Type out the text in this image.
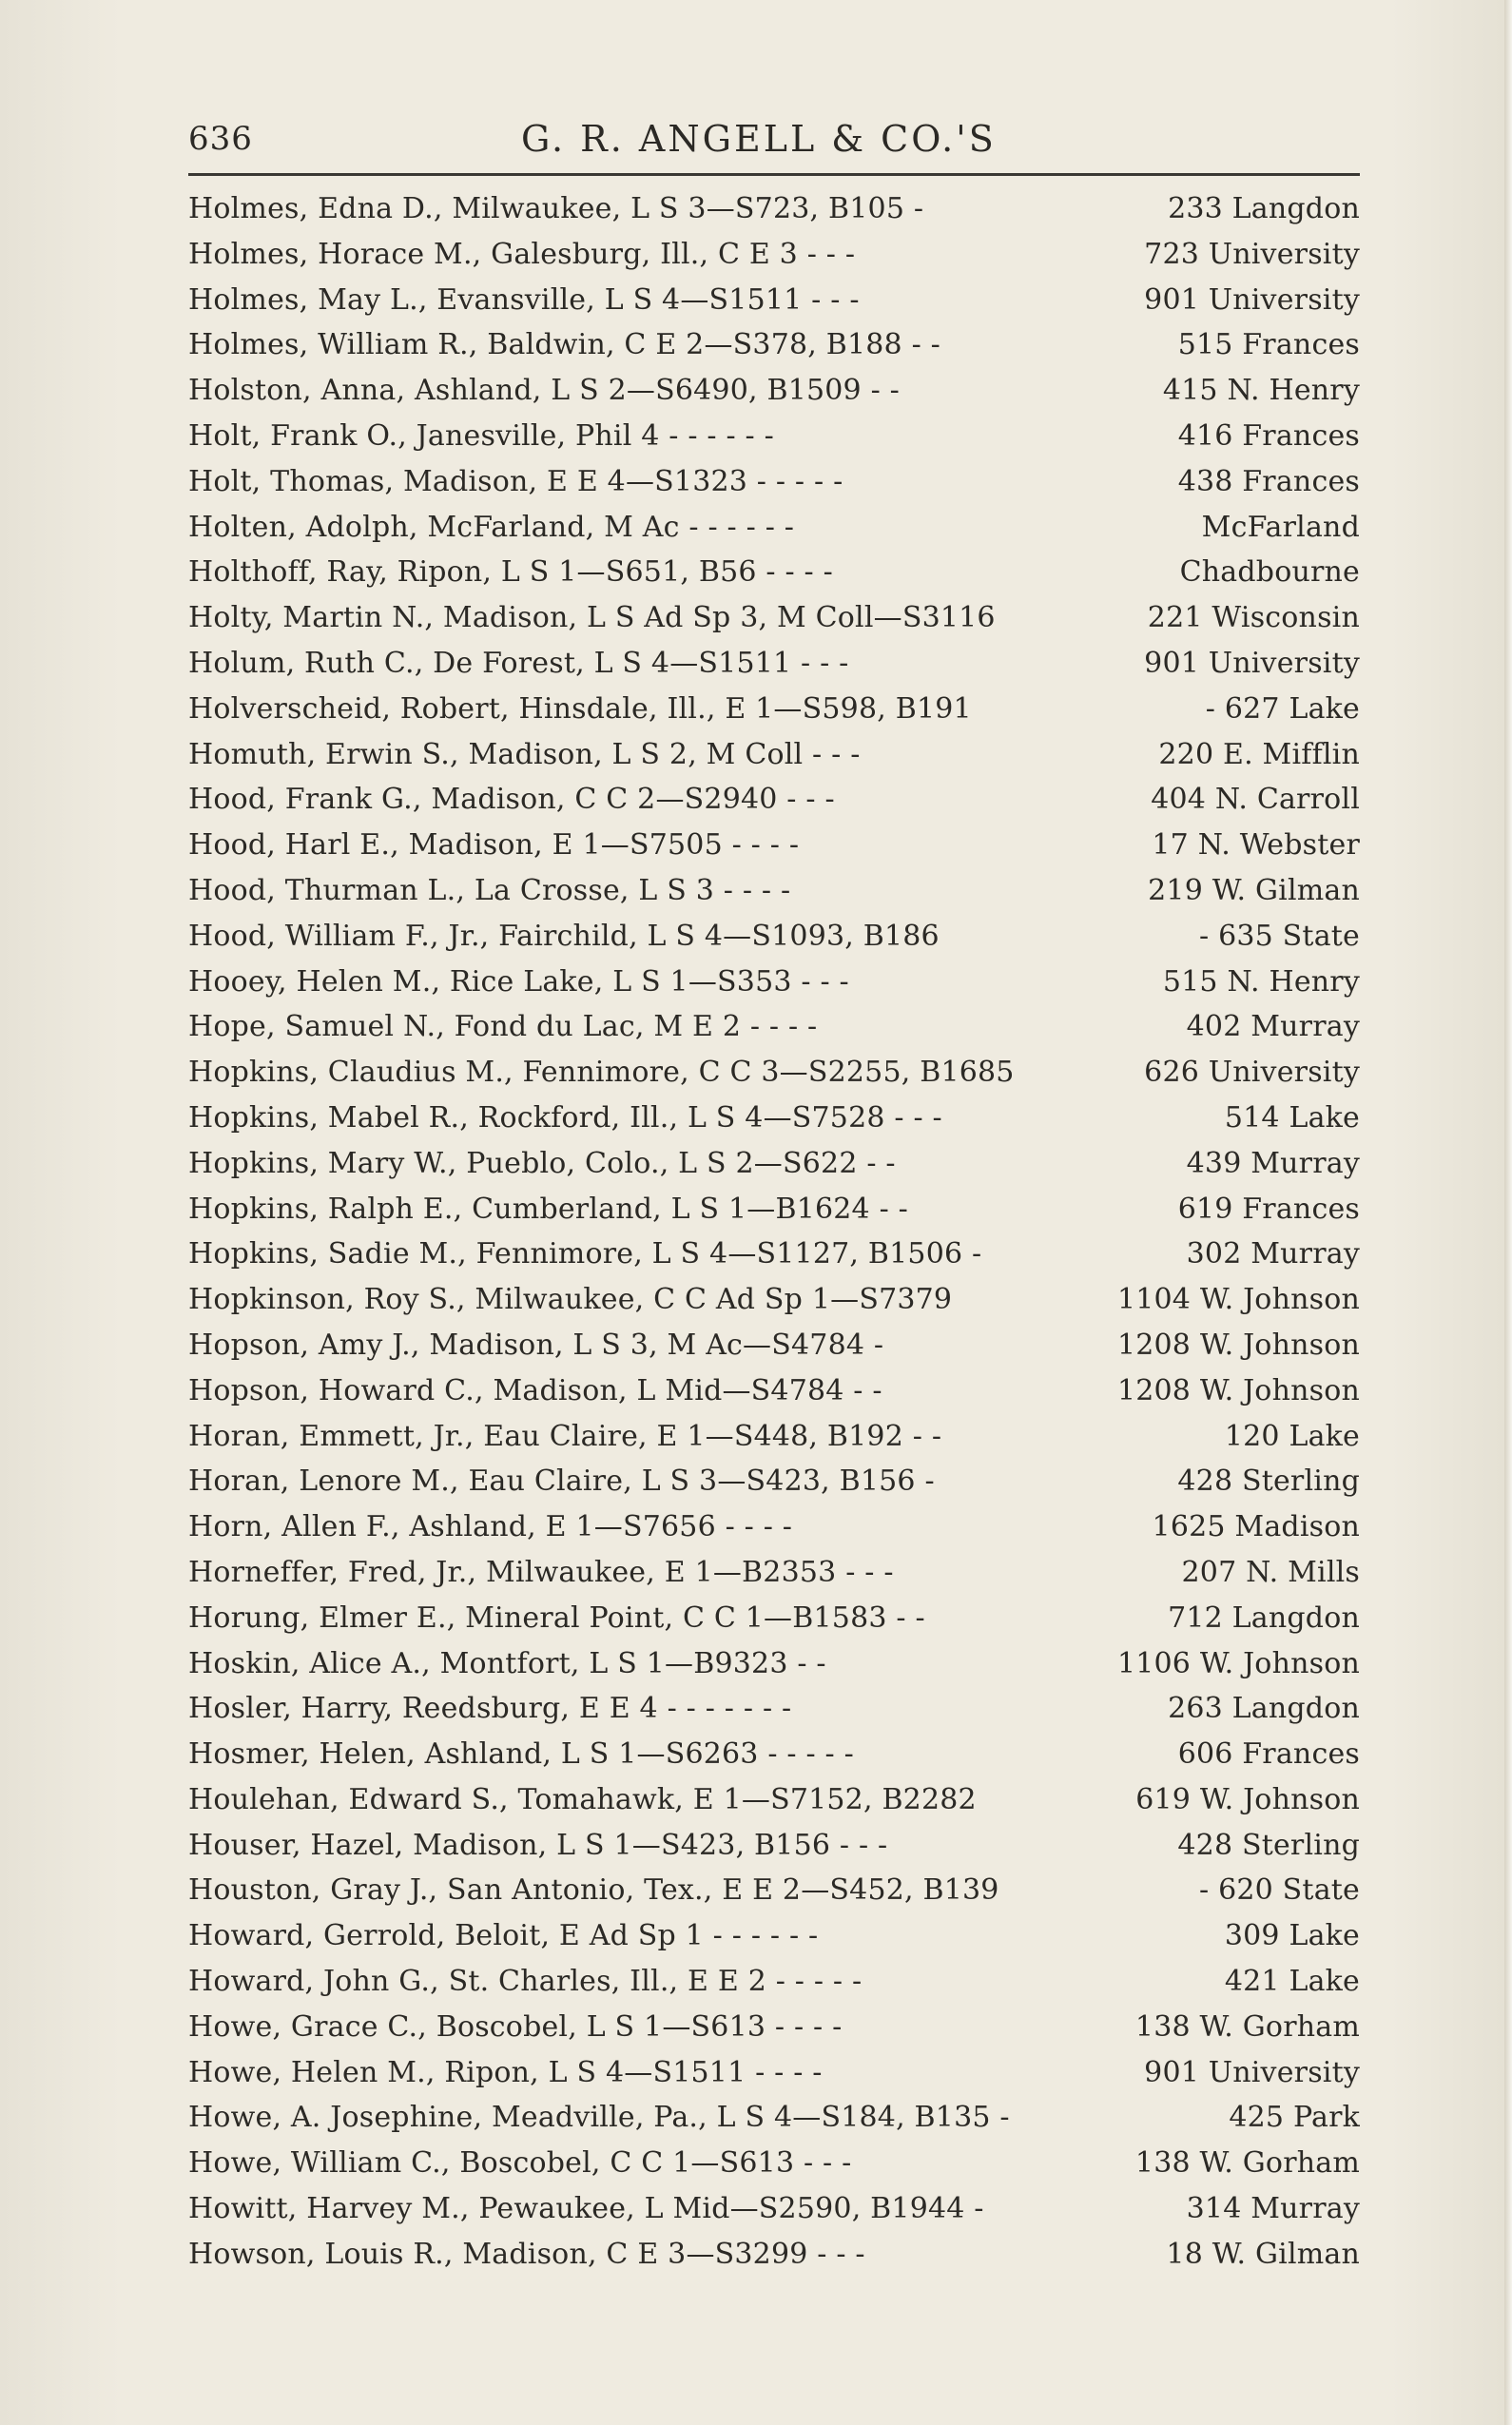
636	G. R. ANGELL & CO.'S
Holmes, Edna D., Milwaukee, L S 3—S723, B105 -	233 Langdon
Holmes, Horace M., Galesburg, Ill., C E 3 - - -	723 University
Holmes, May L., Evansville, L S 4—S1511 - - -	901 University
Holmes, William R., Baldwin, C E 2—S378, B188 - -	515 Frances
Holston, Anna, Ashland, L S 2—S6490, B1509 - -	415 N. Henry
Holt, Frank O., Janesville, Phil 4 - - - - - -	416 Frances
Holt, Thomas, Madison, E E 4—S1323 - - - - -	438 Frances
Holten, Adolph, McFarland, M Ac - - - - - -	McFarland
Holthoff, Ray, Ripon, L S 1—S651, B56 - - - -	Chadbourne
Holty, Martin N., Madison, L S Ad Sp 3, M Coll—S3116	221 Wisconsin
Holum, Ruth C., De Forest, L S 4—S1511 - - -	901 University
Holverscheid, Robert, Hinsdale, Ill., E 1—S598, B191	- 627 Lake
Homuth, Erwin S., Madison, L S 2, M Coll - - -	220 E. Mifflin
Hood, Frank G., Madison, C C 2—S2940 - - -	404 N. Carroll
Hood, Harl E., Madison, E 1—S7505 - - - -	17 N. Webster
Hood, Thurman L., La Crosse, L S 3 - - - -	219 W. Gilman
Hood, William F., Jr., Fairchild, L S 4—S1093, B186	- 635 State
Hooey, Helen M., Rice Lake, L S 1—S353 - - -	515 N. Henry
Hope, Samuel N., Fond du Lac, M E 2 - - - -	402 Murray
Hopkins, Claudius M., Fennimore, C C 3—S2255, B1685	626 University
Hopkins, Mabel R., Rockford, Ill., L S 4—S7528 - - -	514 Lake
Hopkins, Mary W., Pueblo, Colo., L S 2—S622 - -	439 Murray
Hopkins, Ralph E., Cumberland, L S 1—B1624 - -	619 Frances
Hopkins, Sadie M., Fennimore, L S 4—S1127, B1506 -	302 Murray
Hopkinson, Roy S., Milwaukee, C C Ad Sp 1—S7379	1104 W. Johnson
Hopson, Amy J., Madison, L S 3, M Ac—S4784 -	1208 W. Johnson
Hopson, Howard C., Madison, L Mid—S4784 - -	1208 W. Johnson
Horan, Emmett, Jr., Eau Claire, E 1—S448, B192 - -	120 Lake
Horan, Lenore M., Eau Claire, L S 3—S423, B156 -	428 Sterling
Horn, Allen F., Ashland, E 1—S7656 - - - -	1625 Madison
Horneffer, Fred, Jr., Milwaukee, E 1—B2353 - - -	207 N. Mills
Horung, Elmer E., Mineral Point, C C 1—B1583 - -	712 Langdon
Hoskin, Alice A., Montfort, L S 1—B9323 - -	1106 W. Johnson
Hosler, Harry, Reedsburg, E E 4 - - - - - - -	263 Langdon
Hosmer, Helen, Ashland, L S 1—S6263 - - - - -	606 Frances
Houlehan, Edward S., Tomahawk, E 1—S7152, B2282	619 W. Johnson
Houser, Hazel, Madison, L S 1—S423, B156 - - -	428 Sterling
Houston, Gray J., San Antonio, Tex., E E 2—S452, B139	- 620 State
Howard, Gerrold, Beloit, E Ad Sp 1 - - - - - -	309 Lake
Howard, John G., St. Charles, Ill., E E 2 - - - - -	421 Lake
Howe, Grace C., Boscobel, L S 1—S613 - - - -	138 W. Gorham
Howe, Helen M., Ripon, L S 4—S1511 - - - -	901 University
Howe, A. Josephine, Meadville, Pa., L S 4—S184, B135 -	425 Park
Howe, William C., Boscobel, C C 1—S613 - - -	138 W. Gorham
Howitt, Harvey M., Pewaukee, L Mid—S2590, B1944 -	314 Murray
Howson, Louis R., Madison, C E 3—S3299 - - -	18 W. Gilman
